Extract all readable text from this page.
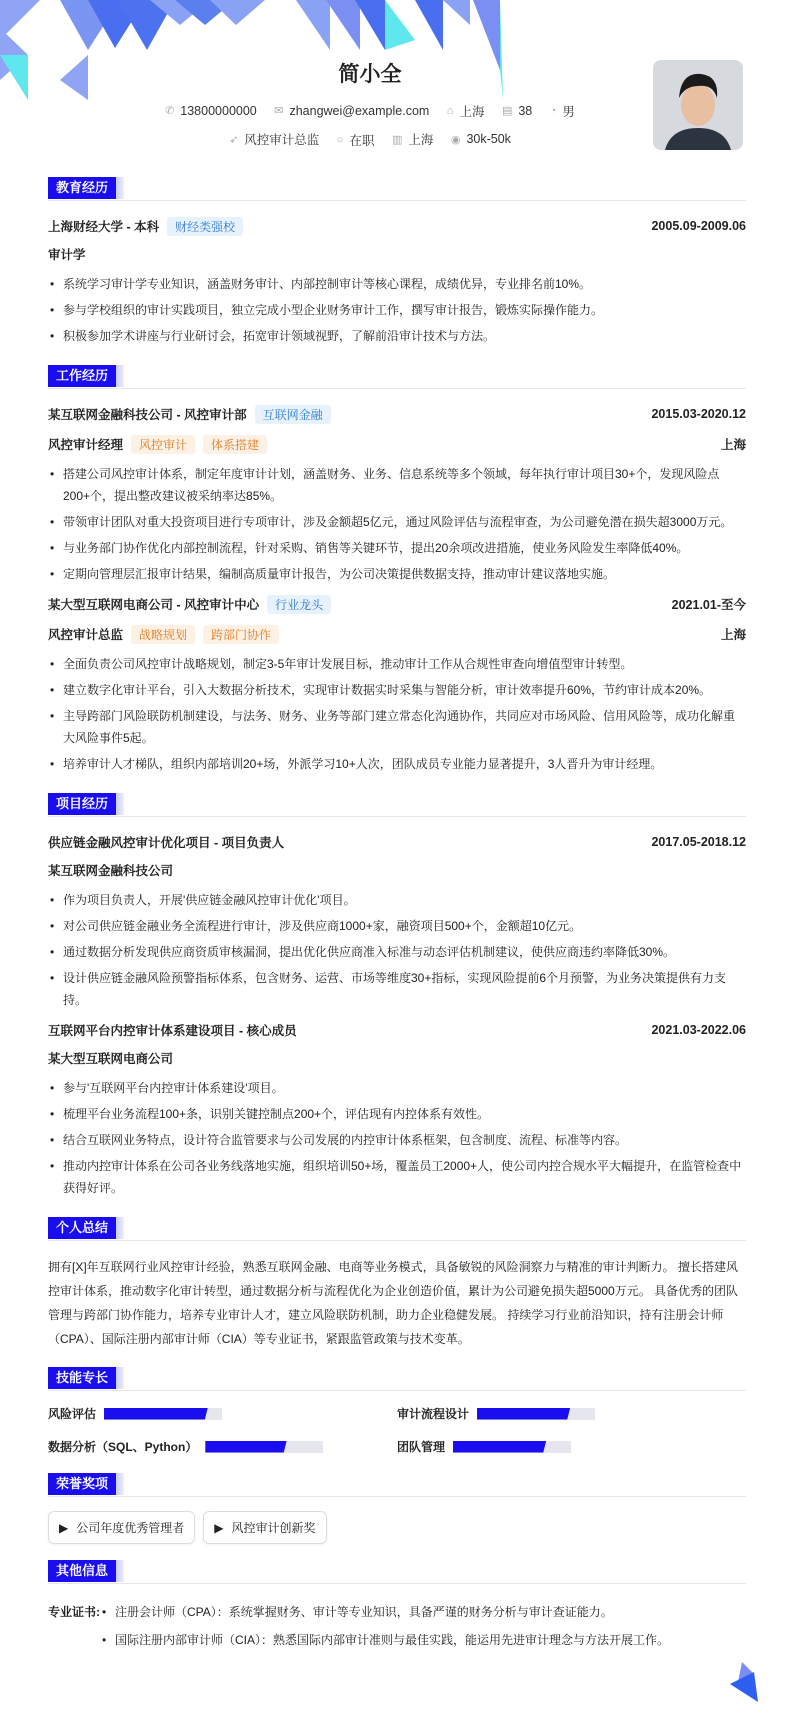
简小全
✆ 13800000000
✉ zhangwei@example.com
⌂ 上海
▤ 38
◔ 男
➶ 风控审计总监
○ 在职
▥ 上海
◉ 30k-50k
教育经历
上海财经大学 - 本科	财经类强校	2005.09-2009.06
审计学
• 系统学习审计学专业知识，涵盖财务审计、内部控制审计等核心课程，成绩优异，专业排名前10%。
• 参与学校组织的审计实践项目，独立完成小型企业财务审计工作，撰写审计报告，锻炼实际操作能力。
• 积极参加学术讲座与行业研讨会，拓宽审计领域视野，了解前沿审计技术与方法。
工作经历
某互联网金融科技公司 - 风控审计部	互联网金融	2015.03-2020.12
风控审计经理	风控审计	体系搭建	上海
• 搭建公司风控审计体系，制定年度审计计划，涵盖财务、业务、信息系统等多个领域，每年执行审计项目30+个，发现风险点200+个，提出整改建议被采纳率达85%。
• 带领审计团队对重大投资项目进行专项审计，涉及金额超5亿元，通过风险评估与流程审查，为公司避免潜在损失超3000万元。
• 与业务部门协作优化内部控制流程，针对采购、销售等关键环节，提出20余项改进措施，使业务风险发生率降低40%。
• 定期向管理层汇报审计结果，编制高质量审计报告，为公司决策提供数据支持，推动审计建议落地实施。
某大型互联网电商公司 - 风控审计中心	行业龙头	2021.01-至今
风控审计总监	战略规划	跨部门协作	上海
• 全面负责公司风控审计战略规划，制定3-5年审计发展目标，推动审计工作从合规性审查向增值型审计转型。
• 建立数字化审计平台，引入大数据分析技术，实现审计数据实时采集与智能分析，审计效率提升60%，节约审计成本20%。
• 主导跨部门风险联防机制建设，与法务、财务、业务等部门建立常态化沟通协作，共同应对市场风险、信用风险等，成功化解重大风险事件5起。
• 培养审计人才梯队，组织内部培训20+场，外派学习10+人次，团队成员专业能力显著提升，3人晋升为审计经理。
项目经历
供应链金融风控审计优化项目 - 项目负责人	2017.05-2018.12
某互联网金融科技公司
• 作为项目负责人，开展'供应链金融风控审计优化'项目。
• 对公司供应链金融业务全流程进行审计，涉及供应商1000+家，融资项目500+个，金额超10亿元。
• 通过数据分析发现供应商资质审核漏洞，提出优化供应商准入标准与动态评估机制建议，使供应商违约率降低30%。
• 设计供应链金融风险预警指标体系，包含财务、运营、市场等维度30+指标，实现风险提前6个月预警，为业务决策提供有力支持。
互联网平台内控审计体系建设项目 - 核心成员	2021.03-2022.06
某大型互联网电商公司
• 参与'互联网平台内控审计体系建设'项目。
• 梳理平台业务流程100+条，识别关键控制点200+个，评估现有内控体系有效性。
• 结合互联网业务特点，设计符合监管要求与公司发展的内控审计体系框架，包含制度、流程、标准等内容。
• 推动内控审计体系在公司各业务线落地实施，组织培训50+场，覆盖员工2000+人，使公司内控合规水平大幅提升，在监管检查中获得好评。
个人总结
拥有[X]年互联网行业风控审计经验，熟悉互联网金融、电商等业务模式，具备敏锐的风险洞察力与精准的审计判断力。 擅长搭建风控审计体系，推动数字化审计转型，通过数据分析与流程优化为企业创造价值，累计为公司避免损失超5000万元。 具备优秀的团队管理与跨部门协作能力，培养专业审计人才，建立风险联防机制，助力企业稳健发展。 持续学习行业前沿知识，持有注册会计师（CPA）、国际注册内部审计师（CIA）等专业证书，紧跟监管政策与技术变革。
技能专长
风险评估	审计流程设计
数据分析（SQL、Python）	团队管理
荣誉奖项
▶ 公司年度优秀管理者	▶ 风控审计创新奖
其他信息
专业证书:	• 注册会计师（CPA）：系统掌握财务、审计等专业知识，具备严谨的财务分析与审计查证能力。
• 国际注册内部审计师（CIA）：熟悉国际内部审计准则与最佳实践，能运用先进审计理念与方法开展工作。
